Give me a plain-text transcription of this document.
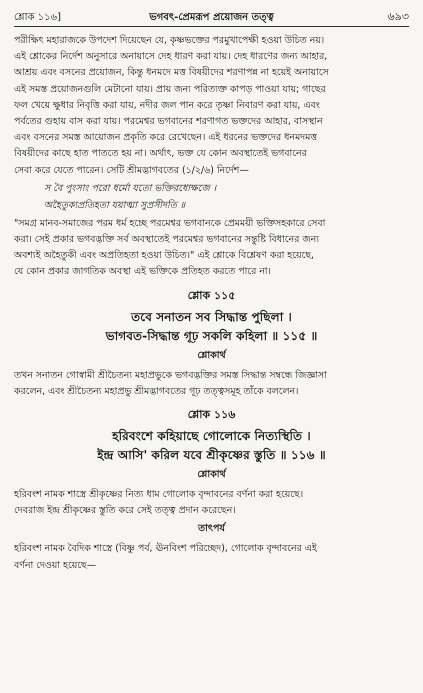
শ্লোক ১১৬]	ভগবৎ-প্রেমরূপ প্রয়োজন তত্ত্ব	৬৯৩

পরীক্ষিৎ মহারাজকে উপদেশ দিয়েছেন যে, কৃষ্ণভক্তের পরমুখাপেক্ষী হওয়া উচিত নয়।

এই শ্লোকের নির্দেশ অনুসারে অনায়াসে দেহ ধারণ করা যায়। দেহ ধারণের জন্য আহার,

আশ্রয় এবং বসনের প্রয়োজন, কিন্তু ধনমদে মত্ত বিষয়ীদের শরণাপন্ন না হয়েই অনায়াসে

এই সমস্ত প্রয়োজনগুলি মেটানো যায়। প্রায় জন্য পরিত্যক্ত কাপড় পাওয়া যায়; গাছের

ফল খেয়ে ক্ষুধার নিবৃত্তি করা যায়, নদীর জল পান করে তৃষ্ণা নিবারণ করা যায়, এবং

পর্বতের গুহায় বাস করা যায়। পরমেশ্বর ভগবানের শরণাগত ভক্তদের আহার, বাসস্থান

এবং বসনের সমস্ত আয়োজন প্রকৃতি করে রেখেছেন। এই ধরনের ভক্তদের ধনমদমত্ত

বিষয়ীদের কাছে হাত পাততে হয় না। অর্থাৎ, ভক্ত যে কোন অবস্থাতেই ভগবানের

সেবা করে যেতে পারেন। সেটি শ্রীমদ্ভাগবতের (১/২/৬) নির্দেশ—

স বৈ পুংসাং পরো ধর্মো যতো ভক্তিরধোক্ষজে ।

অহৈতুক্যপ্রতিহতা যয়াত্মা সুপ্রসীদতি ॥

"সমগ্র মানব-সমাজের পরম ধর্ম হচ্ছে পরমেশ্বর ভগবানকে প্রেমময়ী ভক্তিসহকারে সেবা

করা। সেই প্রকার ভগবদ্ভক্তি সর্ব অবস্থাতেই পরমেশ্বর ভগবানের সন্তুষ্টি বিধানের জন্য

অবশ্যই অহৈতুকী এবং অপ্রতিহতা হওয়া উচিত।" এই শ্লোকে বিশ্লেষণ করা হয়েছে,

যে কোন প্রকার জাগতিক অবস্থা এই ভক্তিকে প্রতিহত করতে পারে না।

শ্লোক ১১৫

তবে সনাতন সব সিদ্ধান্ত পুছিলা ।

ভাগবত-সিদ্ধান্ত গূঢ় সকলি কহিলা ॥ ১১৫ ॥

শ্লোকার্থ

তখন সনাতন গোস্বামী শ্রীচৈতন্য মহাপ্রভুকে ভগবদ্ভক্তির সমস্ত সিদ্ধান্ত সম্বন্ধে জিজ্ঞাসা

করলেন, এবং শ্রীচৈতন্য মহাপ্রভু শ্রীমদ্ভাগবতের গূঢ় তত্ত্বসমূহ তাঁকে বললেন।

শ্লোক ১১৬

হরিবংশে কহিয়াছে গোলোকে নিত্যস্থিতি ।

ইন্দ্র আসি' করিল যবে শ্রীকৃষ্ণের স্তুতি ॥ ১১৬ ॥

শ্লোকার্থ

হরিবংশ নামক শাস্ত্রে শ্রীকৃষ্ণের নিত্য ধাম গোলোক বৃন্দাবনের বর্ণনা করা হয়েছে।

দেবরাজ ইন্দ্র শ্রীকৃষ্ণের স্তুতি করে সেই তত্ত্ব প্রদান করেছেন।

তাৎপর্য

হরিবংশ নামক বৈদিক শাস্ত্রে (বিষ্ণু পর্ব, ঊনবিংশ পরিচ্ছেদ), গোলোক বৃন্দাবনের এই

বর্ণনা দেওয়া হয়েছে—
